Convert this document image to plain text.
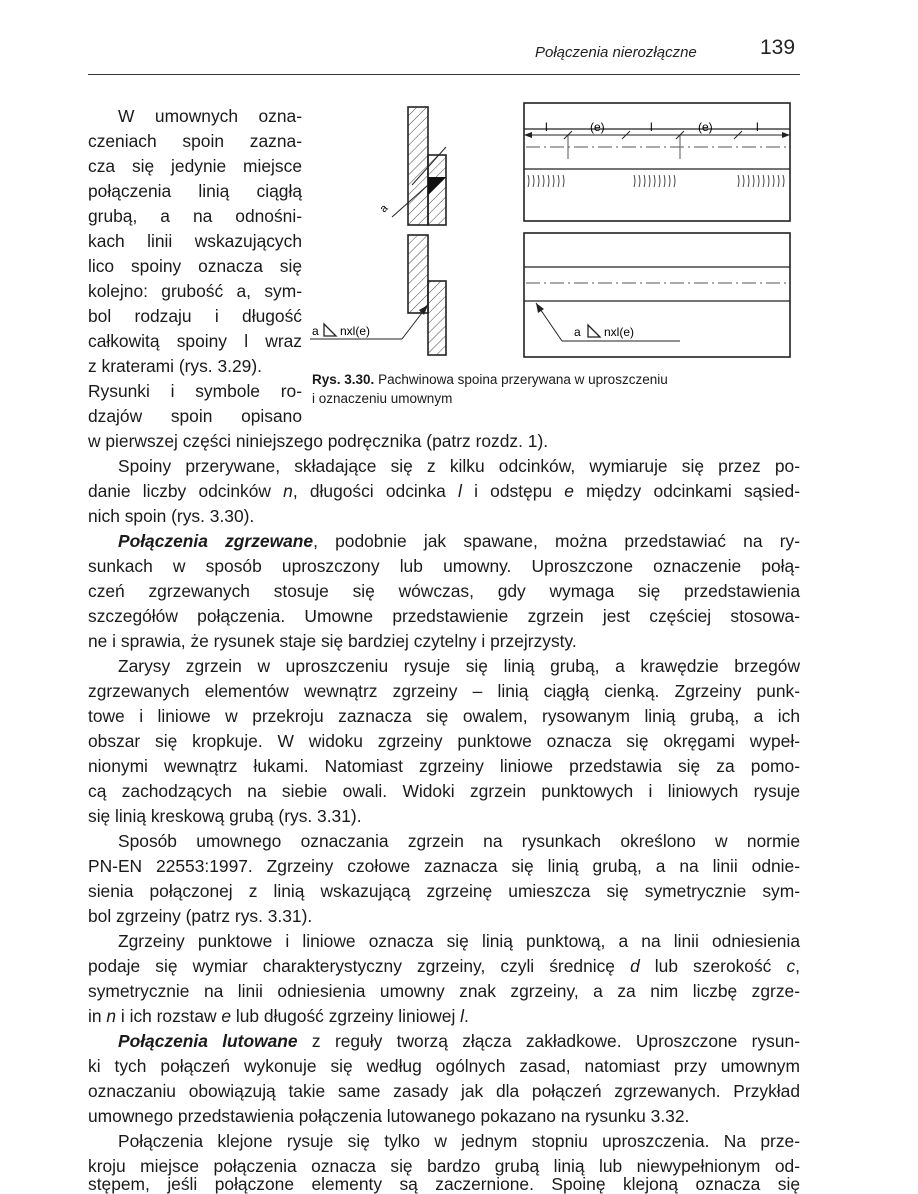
Połączenia nierozłączne	139
W umownych ozna-
czeniach spoin zazna-
cza się jedynie miejsce
połączenia linią ciągłą
grubą, a na odnośni-
kach linii wskazujących
lico spoiny oznacza się
kolejno: grubość a, sym-
bol rodzaju i długość
całkowitą spoiny l wraz
z kraterami (rys. 3.29).
Rysunki i symbole ro-
dzajów spoin opisano
a
a nxl(e)
l	(e)	l	(e)	l
a nxl(e)
Rys. 3.30. Pachwinowa spoina przerywana w uproszczeniu
i oznaczeniu umownym
w pierwszej części niniejszego podręcznika (patrz rozdz. 1).
Spoiny przerywane, składające się z kilku odcinków, wymiaruje się przez po-
danie liczby odcinków n, długości odcinka l i odstępu e między odcinkami sąsied-
nich spoin (rys. 3.30).
Połączenia zgrzewane, podobnie jak spawane, można przedstawiać na ry-
sunkach w sposób uproszczony lub umowny. Uproszczone oznaczenie połą-
czeń zgrzewanych stosuje się wówczas, gdy wymaga się przedstawienia
szczegółów połączenia. Umowne przedstawienie zgrzein jest częściej stosowa-
ne i sprawia, że rysunek staje się bardziej czytelny i przejrzysty.
Zarysy zgrzein w uproszczeniu rysuje się linią grubą, a krawędzie brzegów
zgrzewanych elementów wewnątrz zgrzeiny – linią ciągłą cienką. Zgrzeiny punk-
towe i liniowe w przekroju zaznacza się owalem, rysowanym linią grubą, a ich
obszar się kropkuje. W widoku zgrzeiny punktowe oznacza się okręgami wypeł-
nionymi wewnątrz łukami. Natomiast zgrzeiny liniowe przedstawia się za pomo-
cą zachodzących na siebie owali. Widoki zgrzein punktowych i liniowych rysuje
się linią kreskową grubą (rys. 3.31).
Sposób umownego oznaczania zgrzein na rysunkach określono w normie
PN-EN 22553:1997. Zgrzeiny czołowe zaznacza się linią grubą, a na linii odnie-
sienia połączonej z linią wskazującą zgrzeinę umieszcza się symetrycznie sym-
bol zgrzeiny (patrz rys. 3.31).
Zgrzeiny punktowe i liniowe oznacza się linią punktową, a na linii odniesienia
podaje się wymiar charakterystyczny zgrzeiny, czyli średnicę d lub szerokość c,
symetrycznie na linii odniesienia umowny znak zgrzeiny, a za nim liczbę zgrze-
in n i ich rozstaw e lub długość zgrzeiny liniowej l.
Połączenia lutowane z reguły tworzą złącza zakładkowe. Uproszczone rysun-
ki tych połączeń wykonuje się według ogólnych zasad, natomiast przy umownym
oznaczaniu obowiązują takie same zasady jak dla połączeń zgrzewanych. Przykład
umownego przedstawienia połączenia lutowanego pokazano na rysunku 3.32.
Połączenia klejone rysuje się tylko w jednym stopniu uproszczenia. Na prze-
kroju miejsce połączenia oznacza się bardzo grubą linią lub niewypełnionym od-
stępem, jeśli połączone elementy są zaczernione. Spoinę klejoną oznacza się
